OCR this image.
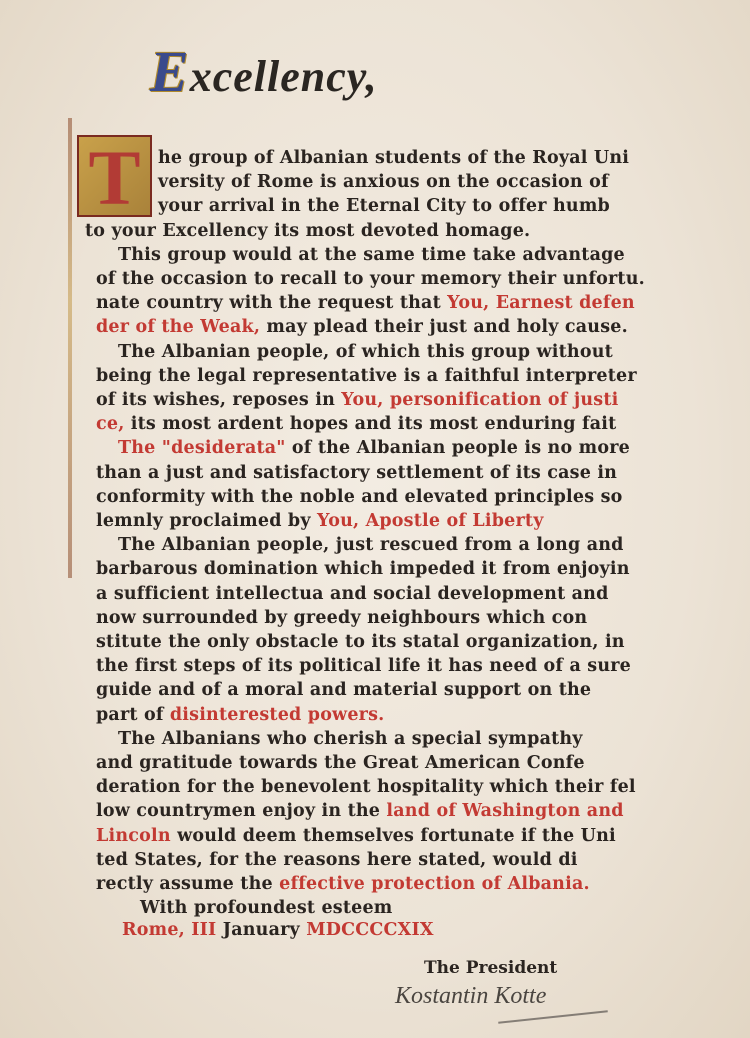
Excellency,
T he group of Albanian students of the Royal Uni
versity of Rome is anxious on the occasion of
your arrival in the Eternal City to offer humb
to your Excellency its most devoted homage.
This group would at the same time take advantage
of the occasion to recall to your memory their unfortu.
nate country with the request that You, Earnest defen
der of the Weak, may plead their just and holy cause.
The Albanian people, of which this group without
being the legal representative is a faithful interpreter
of its wishes, reposes in You, personification of justi
ce, its most ardent hopes and its most enduring fait
The "desiderata" of the Albanian people is no more
than a just and satisfactory settlement of its case in
conformity with the noble and elevated principles so
lemnly proclaimed by You, Apostle of Liberty
The Albanian people, just rescued from a long and
barbarous domination which impeded it from enjoyin
a sufficient intellectua and social development and
now surrounded by greedy neighbours which con
stitute the only obstacle to its statal organization, in
the first steps of its political life it has need of a sure
guide and of a moral and material support on the
part of disinterested powers.
The Albanians who cherish a special sympathy
and gratitude towards the Great American Confe
deration for the benevolent hospitality which their fel
low countrymen enjoy in the land of Washington and
Lincoln would deem themselves fortunate if the Uni
ted States, for the reasons here stated, would di
rectly assume the effective protection of Albania.
With profoundest esteem
Rome, III January MDCCCCXIX
The President
Kostantin Kotte
